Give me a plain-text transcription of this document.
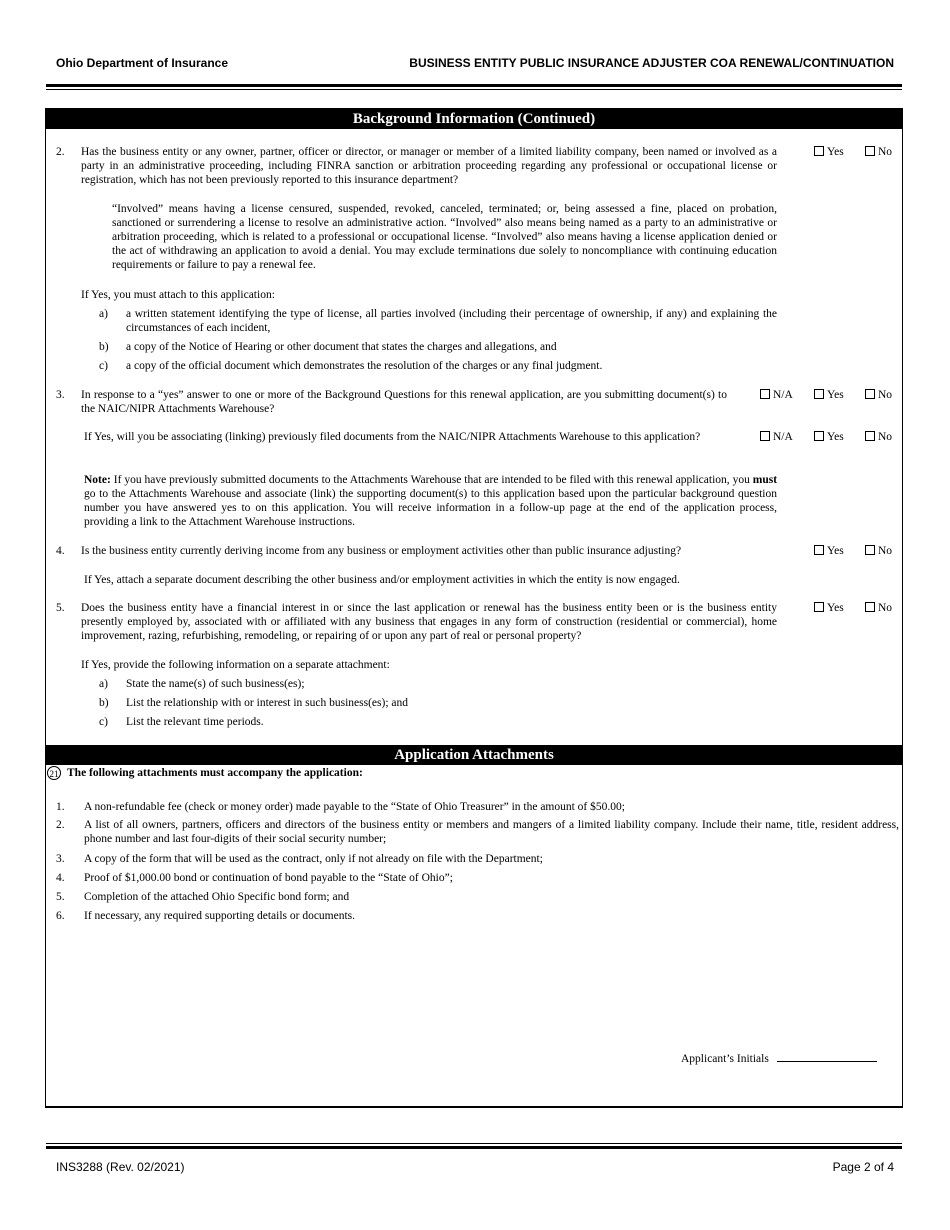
Ohio Department of Insurance	BUSINESS ENTITY PUBLIC INSURANCE ADJUSTER COA RENEWAL/CONTINUATION
Background Information (Continued)
2. Has the business entity or any owner, partner, officer or director, or manager or member of a limited liability company, been named or involved as a party in an administrative proceeding, including FINRA sanction or arbitration proceeding regarding any professional or occupational license or registration, which has not been previously reported to this insurance department?
Yes	No
“Involved” means having a license censured, suspended, revoked, canceled, terminated; or, being assessed a fine, placed on probation, sanctioned or surrendering a license to resolve an administrative action. “Involved” also means being named as a party to an administrative or arbitration proceeding, which is related to a professional or occupational license. “Involved” also means having a license application denied or the act of withdrawing an application to avoid a denial. You may exclude terminations due solely to noncompliance with continuing education requirements or failure to pay a renewal fee.
If Yes, you must attach to this application:
a) a written statement identifying the type of license, all parties involved (including their percentage of ownership, if any) and explaining the circumstances of each incident,
b) a copy of the Notice of Hearing or other document that states the charges and allegations, and
c) a copy of the official document which demonstrates the resolution of the charges or any final judgment.
3. In response to a “yes” answer to one or more of the Background Questions for this renewal application, are you submitting document(s) to the NAIC/NIPR Attachments Warehouse?
N/A	Yes	No
If Yes, will you be associating (linking) previously filed documents from the NAIC/NIPR Attachments Warehouse to this application?	N/A	Yes	No
Note: If you have previously submitted documents to the Attachments Warehouse that are intended to be filed with this renewal application, you must go to the Attachments Warehouse and associate (link) the supporting document(s) to this application based upon the particular background question number you have answered yes to on this application. You will receive information in a follow-up page at the end of the application process, providing a link to the Attachment Warehouse instructions.
4. Is the business entity currently deriving income from any business or employment activities other than public insurance adjusting?	Yes	No
If Yes, attach a separate document describing the other business and/or employment activities in which the entity is now engaged.
5. Does the business entity have a financial interest in or since the last application or renewal has the business entity been or is the business entity presently employed by, associated with or affiliated with any business that engages in any form of construction (residential or commercial), home improvement, razing, refurbishing, remodeling, or repairing of or upon any part of real or personal property?
Yes	No
If Yes, provide the following information on a separate attachment:
a) State the name(s) of such business(es);
b) List the relationship with or interest in such business(es); and
c) List the relevant time periods.
Application Attachments
21 The following attachments must accompany the application:
1. A non-refundable fee (check or money order) made payable to the “State of Ohio Treasurer” in the amount of $50.00;
2. A list of all owners, partners, officers and directors of the business entity or members and mangers of a limited liability company. Include their name, title, resident address, phone number and last four-digits of their social security number;
3. A copy of the form that will be used as the contract, only if not already on file with the Department;
4. Proof of $1,000.00 bond or continuation of bond payable to the “State of Ohio”;
5. Completion of the attached Ohio Specific bond form; and
6. If necessary, any required supporting details or documents.
Applicant’s Initials
INS3288 (Rev. 02/2021)	Page 2 of 4
